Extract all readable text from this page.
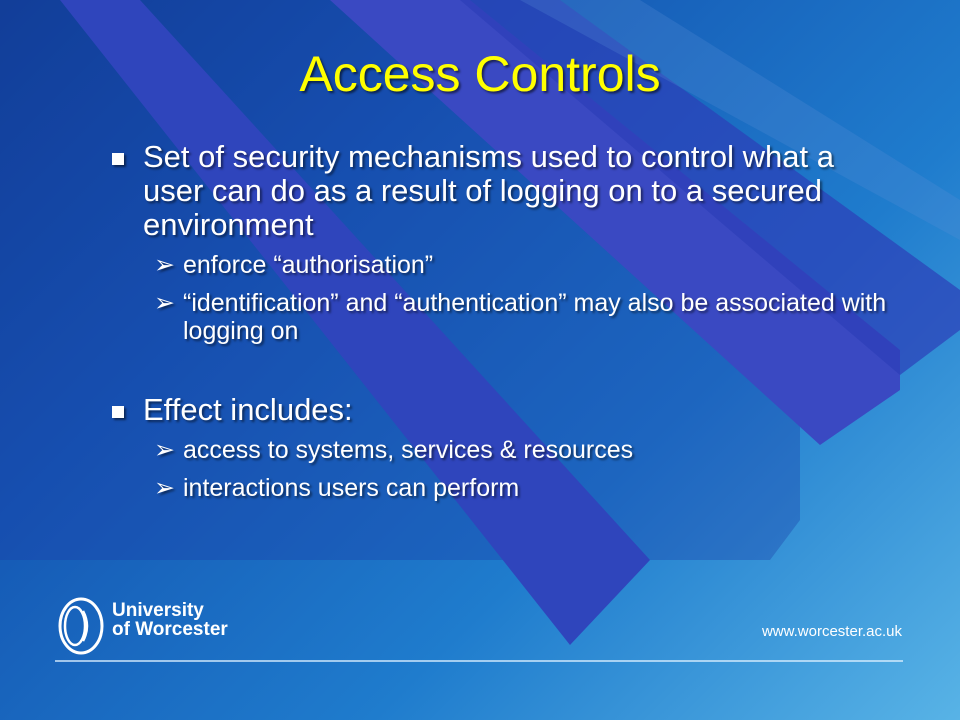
Access Controls
Set of security mechanisms used to control what a user can do as a result of logging on to a secured environment
➢ enforce “authorisation”
➢ “identification” and “authentication” may also be associated with logging on
Effect includes:
➢ access to systems, services & resources
➢ interactions users can perform
University
of Worcester	www.worcester.ac.uk
